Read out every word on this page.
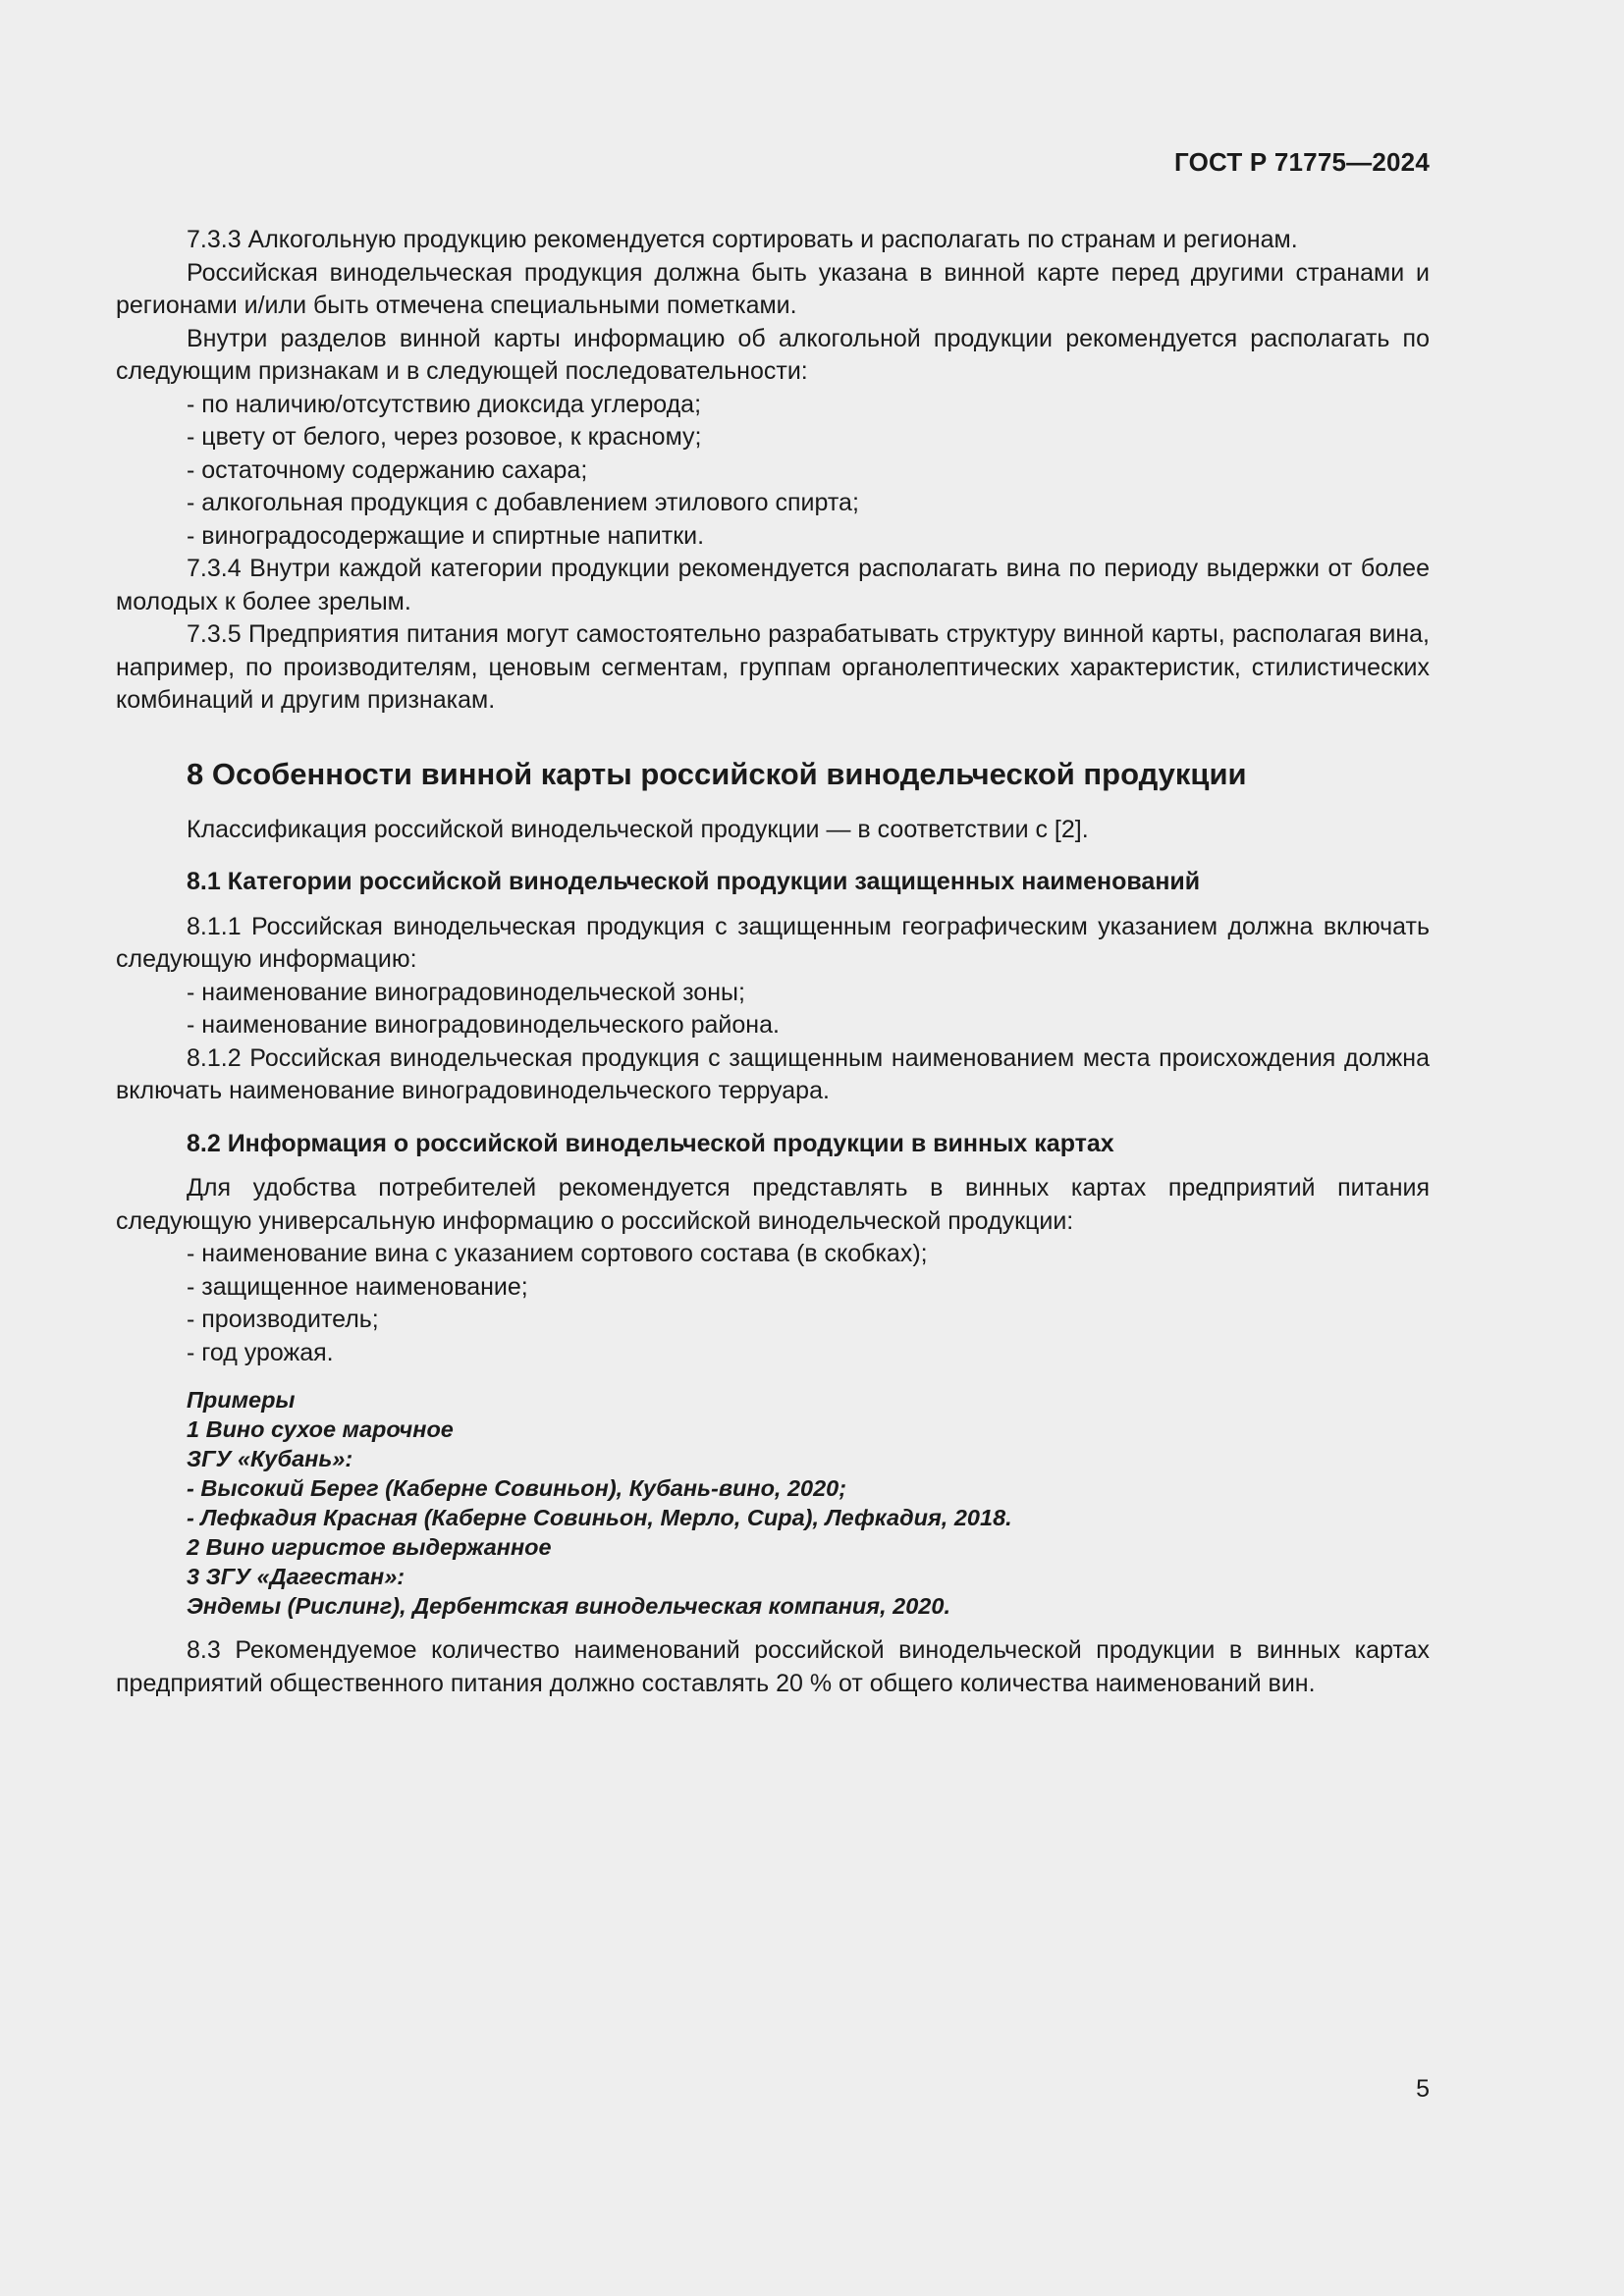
ГОСТ Р 71775—2024

7.3.3 Алкогольную продукцию рекомендуется сортировать и располагать по странам и регионам.

Российская винодельческая продукция должна быть указана в винной карте перед другими странами и регионами и/или быть отмечена специальными пометками.

Внутри разделов винной карты информацию об алкогольной продукции рекомендуется располагать по следующим признакам и в следующей последовательности:

- по наличию/отсутствию диоксида углерода;
- цвету от белого, через розовое, к красному;
- остаточному содержанию сахара;
- алкогольная продукция с добавлением этилового спирта;
- виноградосодержащие и спиртные напитки.

7.3.4 Внутри каждой категории продукции рекомендуется располагать вина по периоду выдержки от более молодых к более зрелым.

7.3.5 Предприятия питания могут самостоятельно разрабатывать структуру винной карты, располагая вина, например, по производителям, ценовым сегментам, группам органолептических характеристик, стилистических комбинаций и другим признакам.

8 Особенности винной карты российской винодельческой продукции

Классификация российской винодельческой продукции — в соответствии с [2].

8.1 Категории российской винодельческой продукции защищенных наименований

8.1.1 Российская винодельческая продукция с защищенным географическим указанием должна включать следующую информацию:

- наименование виноградовинодельческой зоны;
- наименование виноградовинодельческого района.

8.1.2 Российская винодельческая продукция с защищенным наименованием места происхождения должна включать наименование виноградовинодельческого терруара.

8.2 Информация о российской винодельческой продукции в винных картах

Для удобства потребителей рекомендуется представлять в винных картах предприятий питания следующую универсальную информацию о российской винодельческой продукции:

- наименование вина с указанием сортового состава (в скобках);
- защищенное наименование;
- производитель;
- год урожая.
Примеры
1 Вино сухое марочное
ЗГУ «Кубань»:
- Высокий Берег (Каберне Совиньон), Кубань-вино, 2020;
- Лефкадия Красная (Каберне Совиньон, Мерло, Сира), Лефкадия, 2018.
2 Вино игристое выдержанное
3 ЗГУ «Дагестан»:
Эндемы (Рислинг), Дербентская винодельческая компания, 2020.

8.3 Рекомендуемое количество наименований российской винодельческой продукции в винных картах предприятий общественного питания должно составлять 20 % от общего количества наименований вин.

5
